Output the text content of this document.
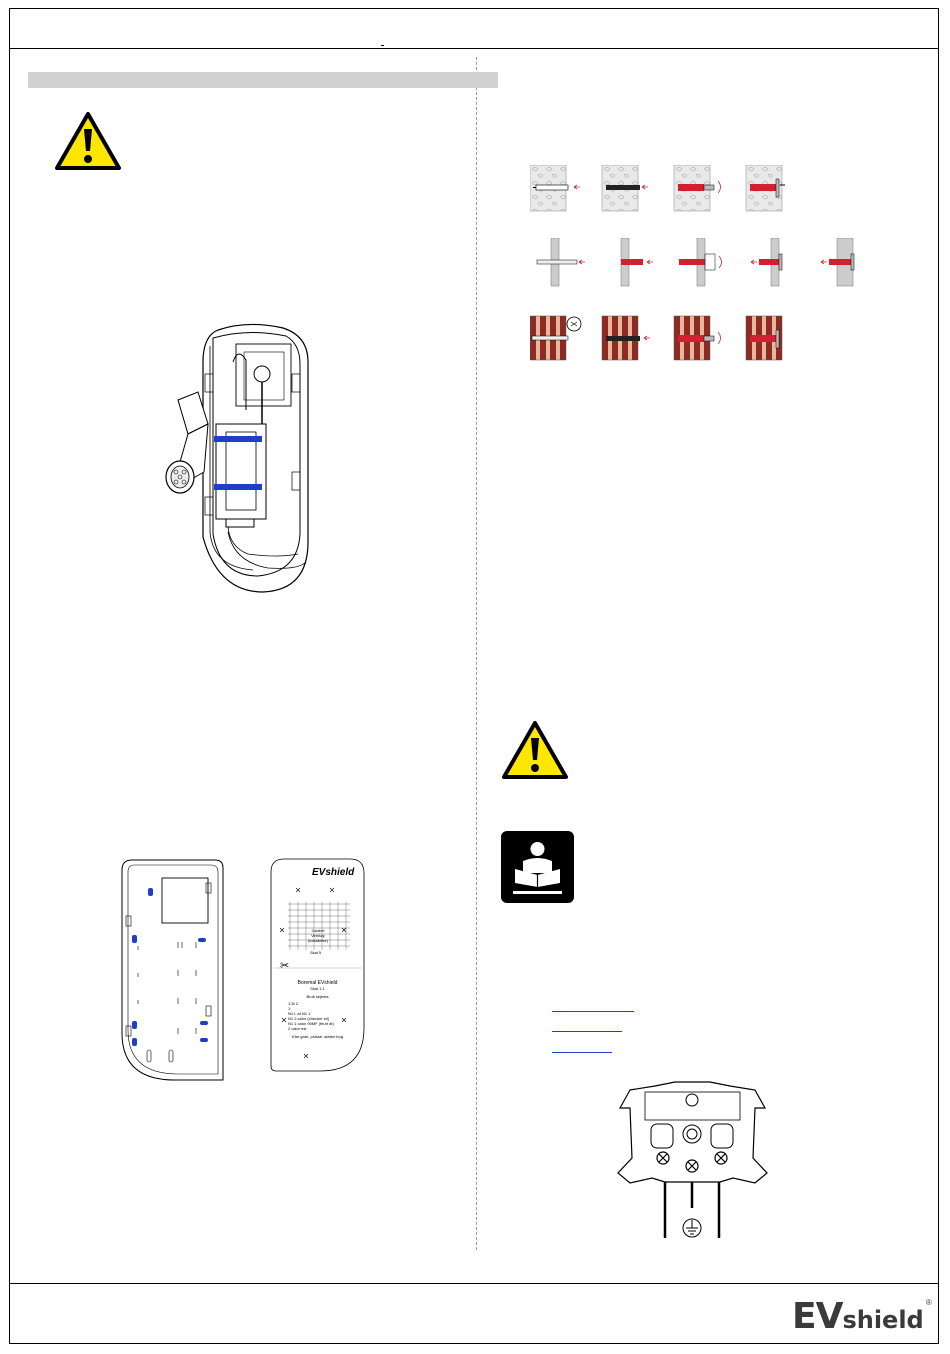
EVshield
Justere
Verktøy
(forståelse)
Skal 5
✂
Boremal EVshield
Skal 1:1
Bruk skjema
1,5t 2
1
N1 L at N1 1
N1 2 calor (checker eli)
N1 1 calor 90MF (feurt at)
2 calor est
Klar gare, plusse, staten bog
EVshield
®
